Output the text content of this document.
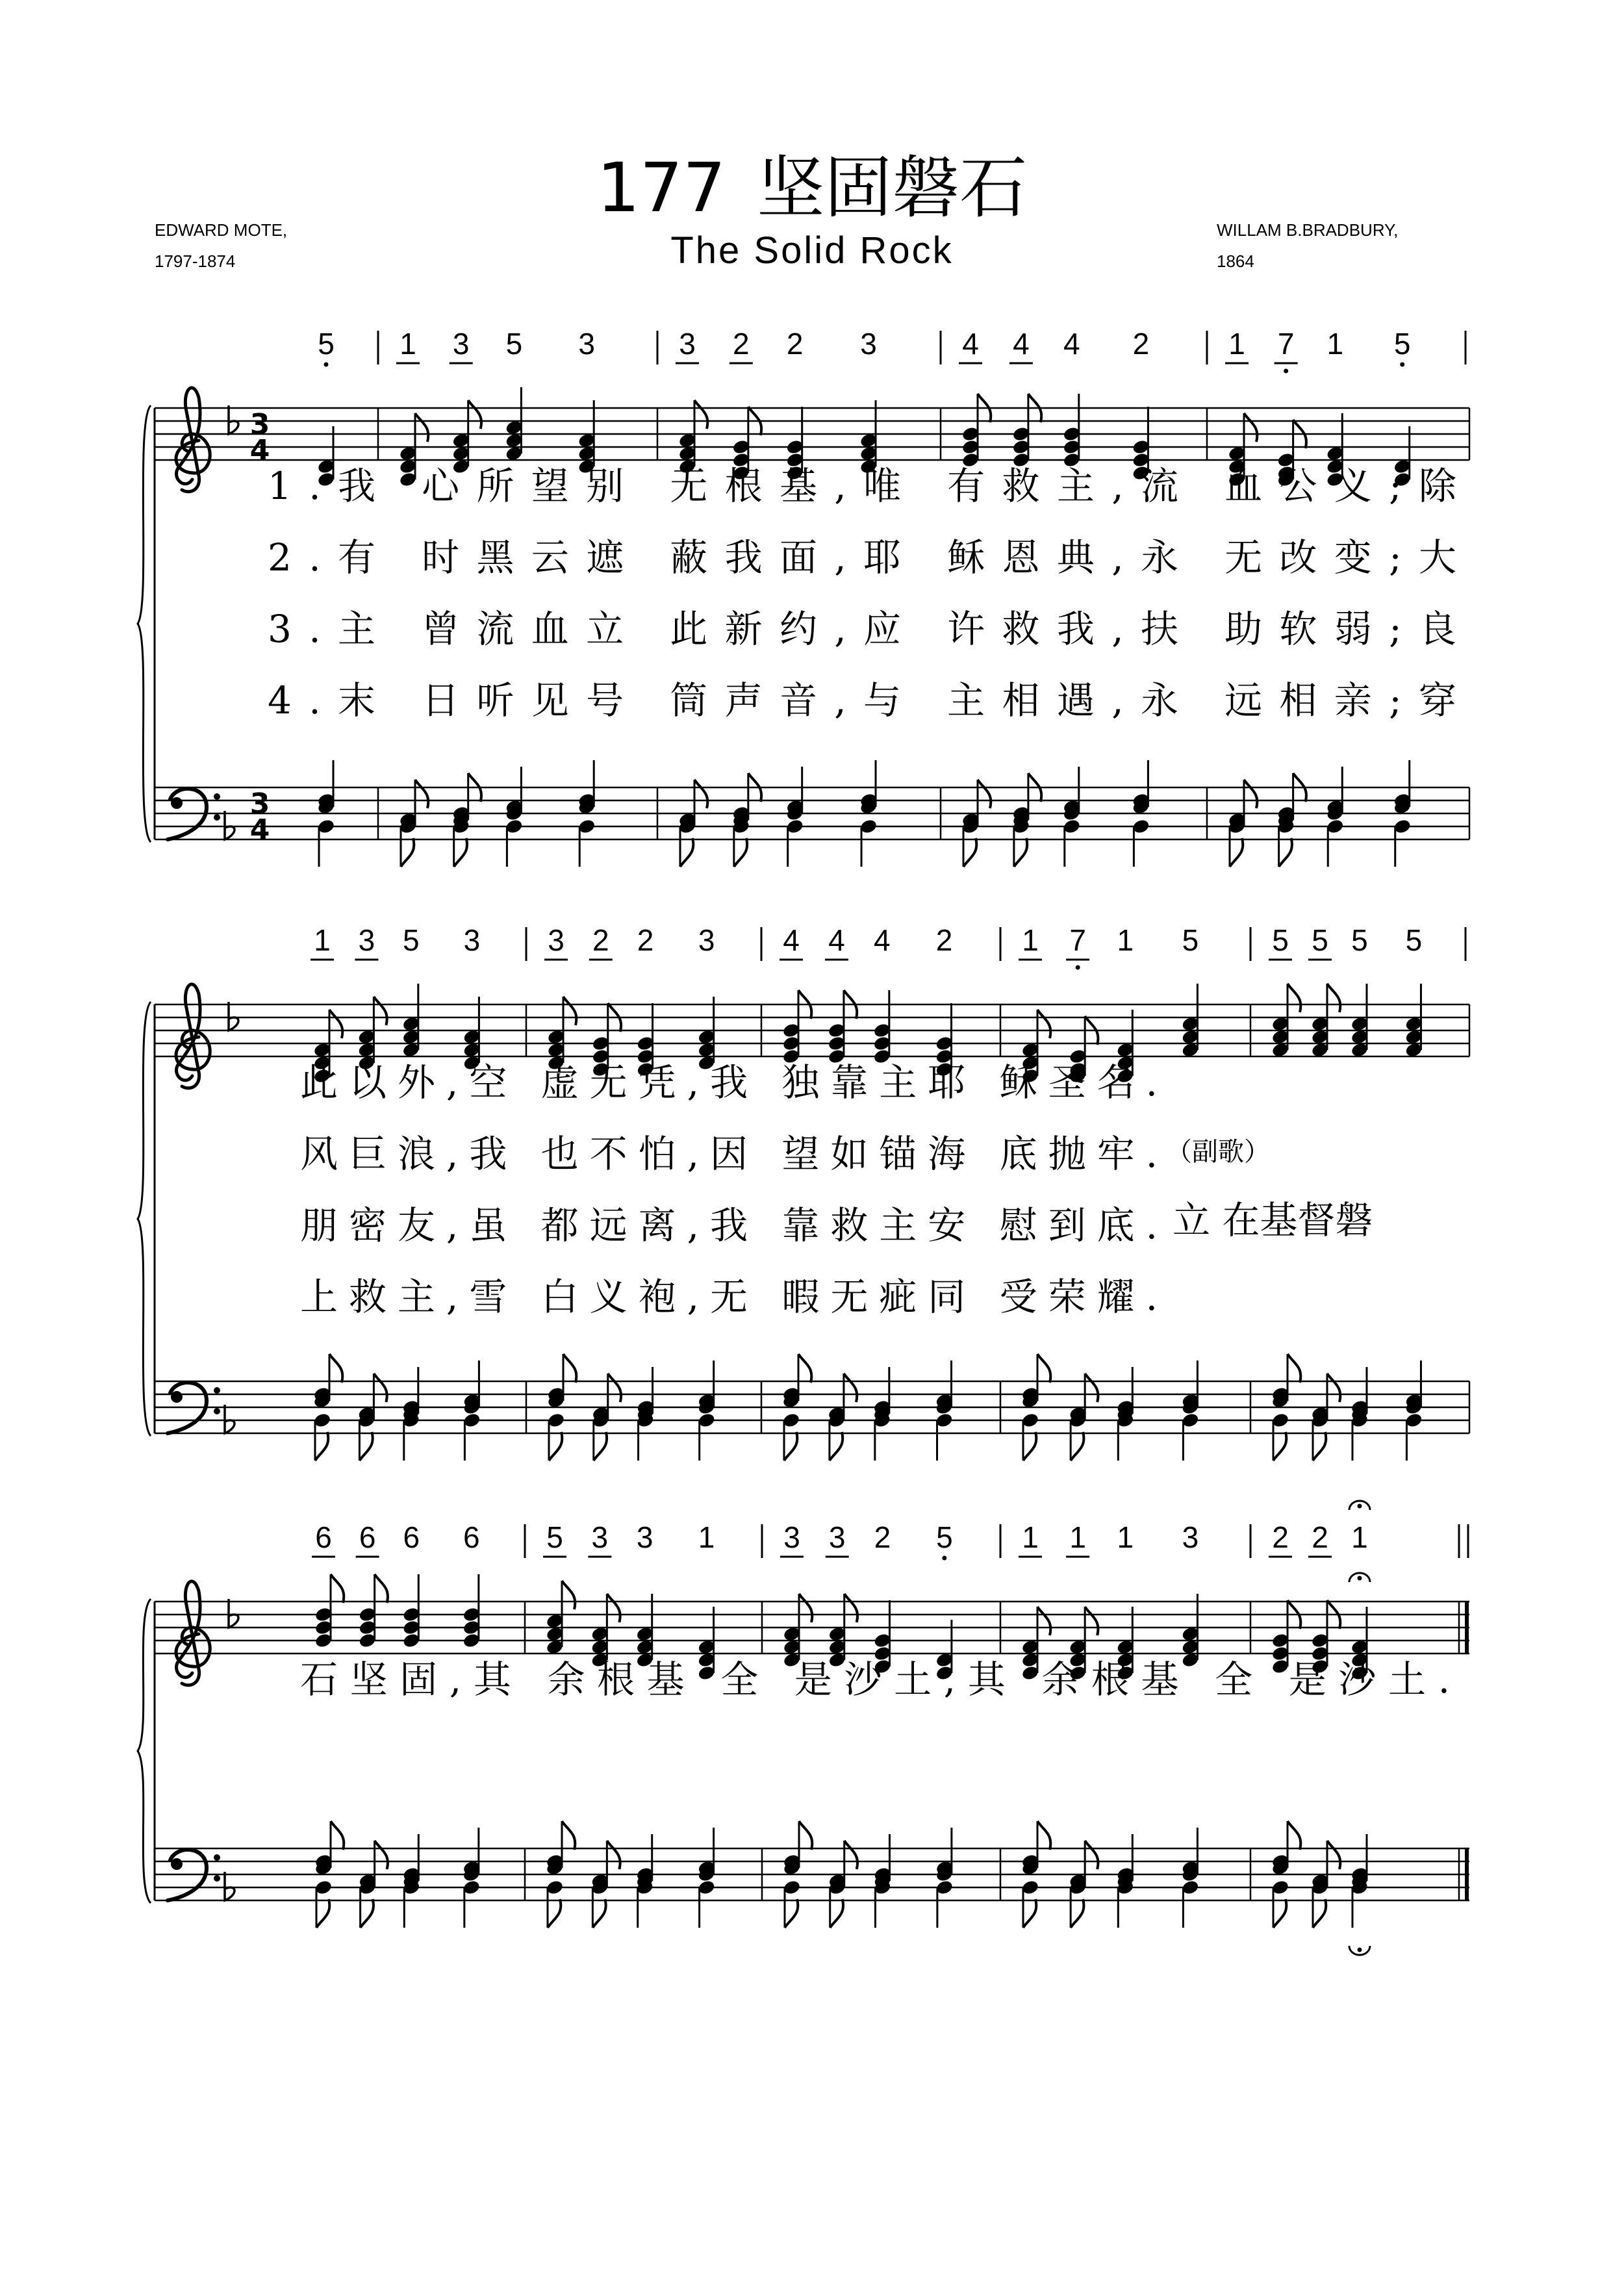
177 坚固磐石
The Solid Rock
EDWARD MOTE,
1797-1874
WILLAM B.BRADBURY,
1864
3
4
3
4
5 1 3 5 3	3 2 2 3	4 4 4 2	1 7 1 5
1.我 心所望别 无根基,唯 有救主,流 血公义;除
2.有 时黑云遮 蔽我面,耶 稣恩典,永 无改变;大
3.主 曾流血立 此新约,应 许救我,扶 助软弱;良
4.末 日听见号 筒声音,与 主相遇,永 远相亲;穿
1 3 5 3 3 2 2 3 4 4 4 2 1 7 1 5 5 5 5 5
此以外,空 虚无凭,我 独靠主耶 稣圣名.
风巨浪,我 也不怕,因 望如锚海 底抛牢.
朋密友,虽 都远离,我 靠救主安 慰到底.
上救主,雪 白义袍,无 暇无疵同 受荣耀.
（副歌）
立 在基督磐
6 6 6 6 5 3 3 1 3 3 2 5 1 1 1 3 2 2 1
石坚固,其 余根基 全 是沙土,其 余根基 全 是沙土.
